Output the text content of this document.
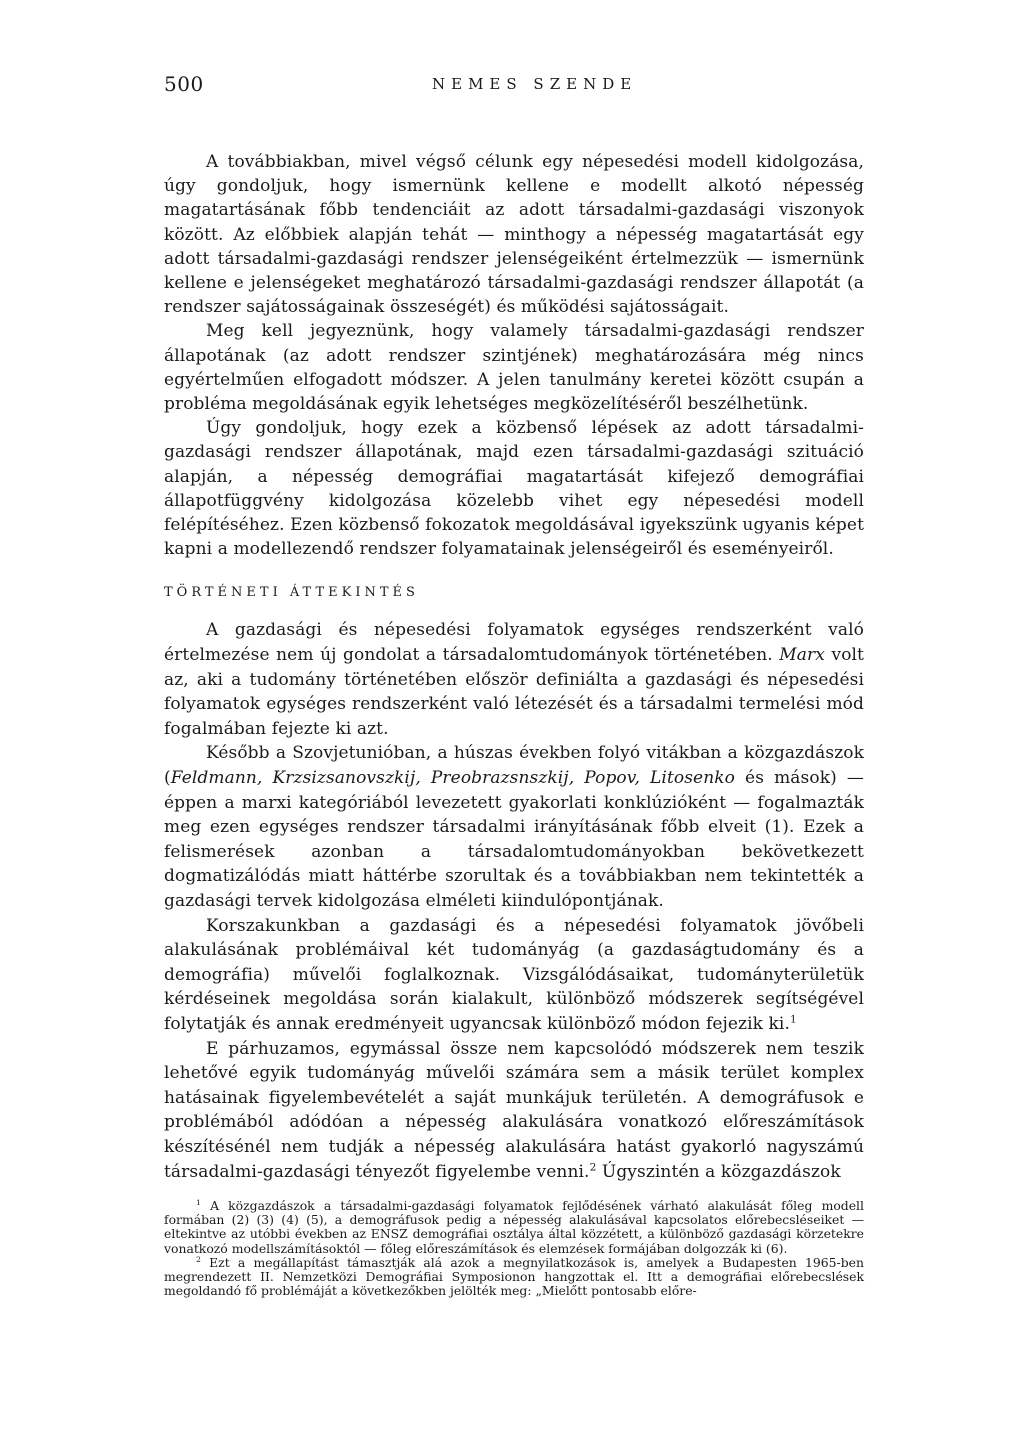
500	NEMES SZENDE

A továbbiakban, mivel végső célunk egy népesedési modell kidolgozása, úgy gondoljuk, hogy ismernünk kellene e modellt alkotó népesség magatartásának főbb tendenciáit az adott társadalmi-gazdasági viszonyok között. Az előbbiek alapján tehát — minthogy a népesség magatartását egy adott társadalmi-gazdasági rendszer jelenségeiként értelmezzük — ismernünk kellene e jelenségeket meghatározó társadalmi-gazdasági rendszer állapotát (a rendszer sajátosságainak összeségét) és működési sajátosságait.

Meg kell jegyeznünk, hogy valamely társadalmi-gazdasági rendszer állapotának (az adott rendszer szintjének) meghatározására még nincs egyértelműen elfogadott módszer. A jelen tanulmány keretei között csupán a probléma megoldásának egyik lehetséges megközelítéséről beszélhetünk.

Úgy gondoljuk, hogy ezek a közbenső lépések az adott társadalmi-gazdasági rendszer állapotának, majd ezen társadalmi-gazdasági szituáció alapján, a népesség demográfiai magatartását kifejező demográfiai állapotfüggvény kidolgozása közelebb vihet egy népesedési modell felépítéséhez. Ezen közbenső fokozatok megoldásával igyekszünk ugyanis képet kapni a modellezendő rendszer folyamatainak jelenségeiről és eseményeiről.

TÖRTÉNETI ÁTTEKINTÉS

A gazdasági és népesedési folyamatok egységes rendszerként való értelmezése nem új gondolat a társadalomtudományok történetében. Marx volt az, aki a tudomány történetében először definiálta a gazdasági és népesedési folyamatok egységes rendszerként való létezését és a társadalmi termelési mód fogalmában fejezte ki azt.

Később a Szovjetunióban, a húszas években folyó vitákban a közgazdászok (Feldmann, Krzsizsanovszkij, Preobrazsnszkij, Popov, Litosenko és mások) — éppen a marxi kategóriából levezetett gyakorlati konklúzióként — fogalmazták meg ezen egységes rendszer társadalmi irányításának főbb elveit (1). Ezek a felismerések azonban a társadalomtudományokban bekövetkezett dogmatizálódás miatt háttérbe szorultak és a továbbiakban nem tekintették a gazdasági tervek kidolgozása elméleti kiindulópontjának.

Korszakunkban a gazdasági és a népesedési folyamatok jövőbeli alakulásának problémáival két tudományág (a gazdaságtudomány és a demográfia) művelői foglalkoznak. Vizsgálódásaikat, tudományterületük kérdéseinek megoldása során kialakult, különböző módszerek segítségével folytatják és annak eredményeit ugyancsak különböző módon fejezik ki.$^1$

E párhuzamos, egymással össze nem kapcsolódó módszerek nem teszik lehetővé egyik tudományág művelői számára sem a másik terület komplex hatásainak figyelembevételét a saját munkájuk területén. A demográfusok e problémából adódóan a népesség alakulására vonatkozó előreszámítások készítésénél nem tudják a népesség alakulására hatást gyakorló nagyszámú társadalmi-gazdasági tényezőt figyelembe venni.$^2$ Úgyszintén a közgazdászok

$^1$ A közgazdászok a társadalmi-gazdasági folyamatok fejlődésének várható alakulását főleg modell formában (2) (3) (4) (5), a demográfusok pedig a népesség alakulásával kapcsolatos előrebecsléseiket — eltekintve az utóbbi években az ENSZ demográfiai osztálya által közzétett, a különböző gazdasági körzetekre vonatkozó modellszámításoktól — főleg előreszámítások és elemzések formájában dolgozzák ki (6).

$^2$ Ezt a megállapítást támasztják alá azok a megnyilatkozások is, amelyek a Budapesten 1965-ben megrendezett II. Nemzetközi Demográfiai Symposionon hangzottak el. Itt a demográfiai előrebecslések megoldandó fő problémáját a következőkben jelölték meg: „Mielőtt pontosabb előre-
